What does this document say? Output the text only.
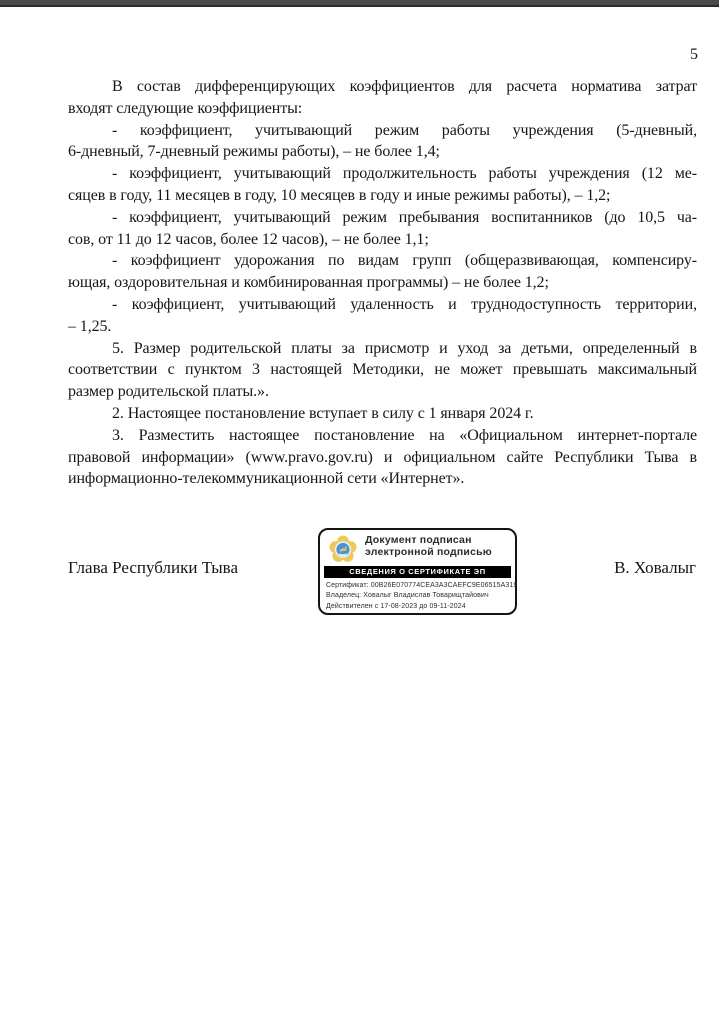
5
В состав дифференцирующих коэффициентов для расчета норматива затрат
входят следующие коэффициенты:
- коэффициент, учитывающий режим работы учреждения (5-дневный,
6-дневный, 7-дневный режимы работы), – не более 1,4;
- коэффициент, учитывающий продолжительность работы учреждения (12 ме-
сяцев в году, 11 месяцев в году, 10 месяцев в году и иные режимы работы), – 1,2;
- коэффициент, учитывающий режим пребывания воспитанников (до 10,5 ча-
сов, от 11 до 12 часов, более 12 часов), – не более 1,1;
- коэффициент удорожания по видам групп (общеразвивающая, компенсиру-
ющая, оздоровительная и комбинированная программы) – не более 1,2;
- коэффициент, учитывающий удаленность и труднодоступность территории,
– 1,25.
5. Размер родительской платы за присмотр и уход за детьми, определенный в
соответствии с пунктом 3 настоящей Методики, не может превышать максимальный
размер родительской платы.».
2. Настоящее постановление вступает в силу с 1 января 2024 г.
3. Разместить настоящее постановление на «Официальном интернет-портале
правовой информации» (www.pravo.gov.ru) и официальном сайте Республики Тыва в
информационно-телекоммуникационной сети «Интернет».
Глава Республики Тыва	В. Ховалыг
Документ подписан
электронной подписью
СВЕДЕНИЯ О СЕРТИФИКАТЕ ЭП
Сертификат: 00B26E070774CEA3A3CAEFC9E06515A319
Владелец: Ховалыг Владислав Товарищтайович
Действителен с 17-08-2023 до 09-11-2024
